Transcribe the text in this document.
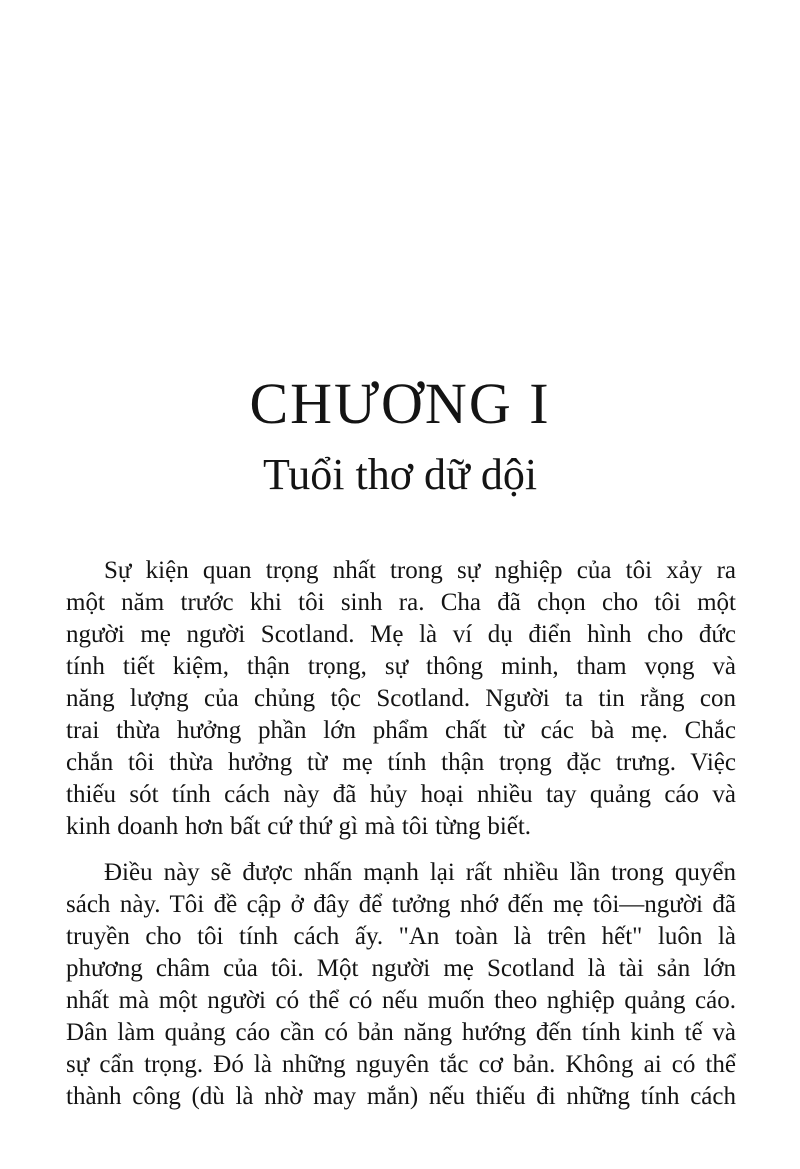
CHƯƠNG I
Tuổi thơ dữ dội
Sự kiện quan trọng nhất trong sự nghiệp của tôi xảy ra
một năm trước khi tôi sinh ra. Cha đã chọn cho tôi một
người mẹ người Scotland. Mẹ là ví dụ điển hình cho đức
tính tiết kiệm, thận trọng, sự thông minh, tham vọng và
năng lượng của chủng tộc Scotland. Người ta tin rằng con
trai thừa hưởng phần lớn phẩm chất từ các bà mẹ. Chắc
chắn tôi thừa hưởng từ mẹ tính thận trọng đặc trưng. Việc
thiếu sót tính cách này đã hủy hoại nhiều tay quảng cáo và
kinh doanh hơn bất cứ thứ gì mà tôi từng biết.
Điều này sẽ được nhấn mạnh lại rất nhiều lần trong quyển
sách này. Tôi đề cập ở đây để tưởng nhớ đến mẹ tôi—người đã
truyền cho tôi tính cách ấy. "An toàn là trên hết" luôn là
phương châm của tôi. Một người mẹ Scotland là tài sản lớn
nhất mà một người có thể có nếu muốn theo nghiệp quảng cáo.
Dân làm quảng cáo cần có bản năng hướng đến tính kinh tế và
sự cẩn trọng. Đó là những nguyên tắc cơ bản. Không ai có thể
thành công (dù là nhờ may mắn) nếu thiếu đi những tính cách
